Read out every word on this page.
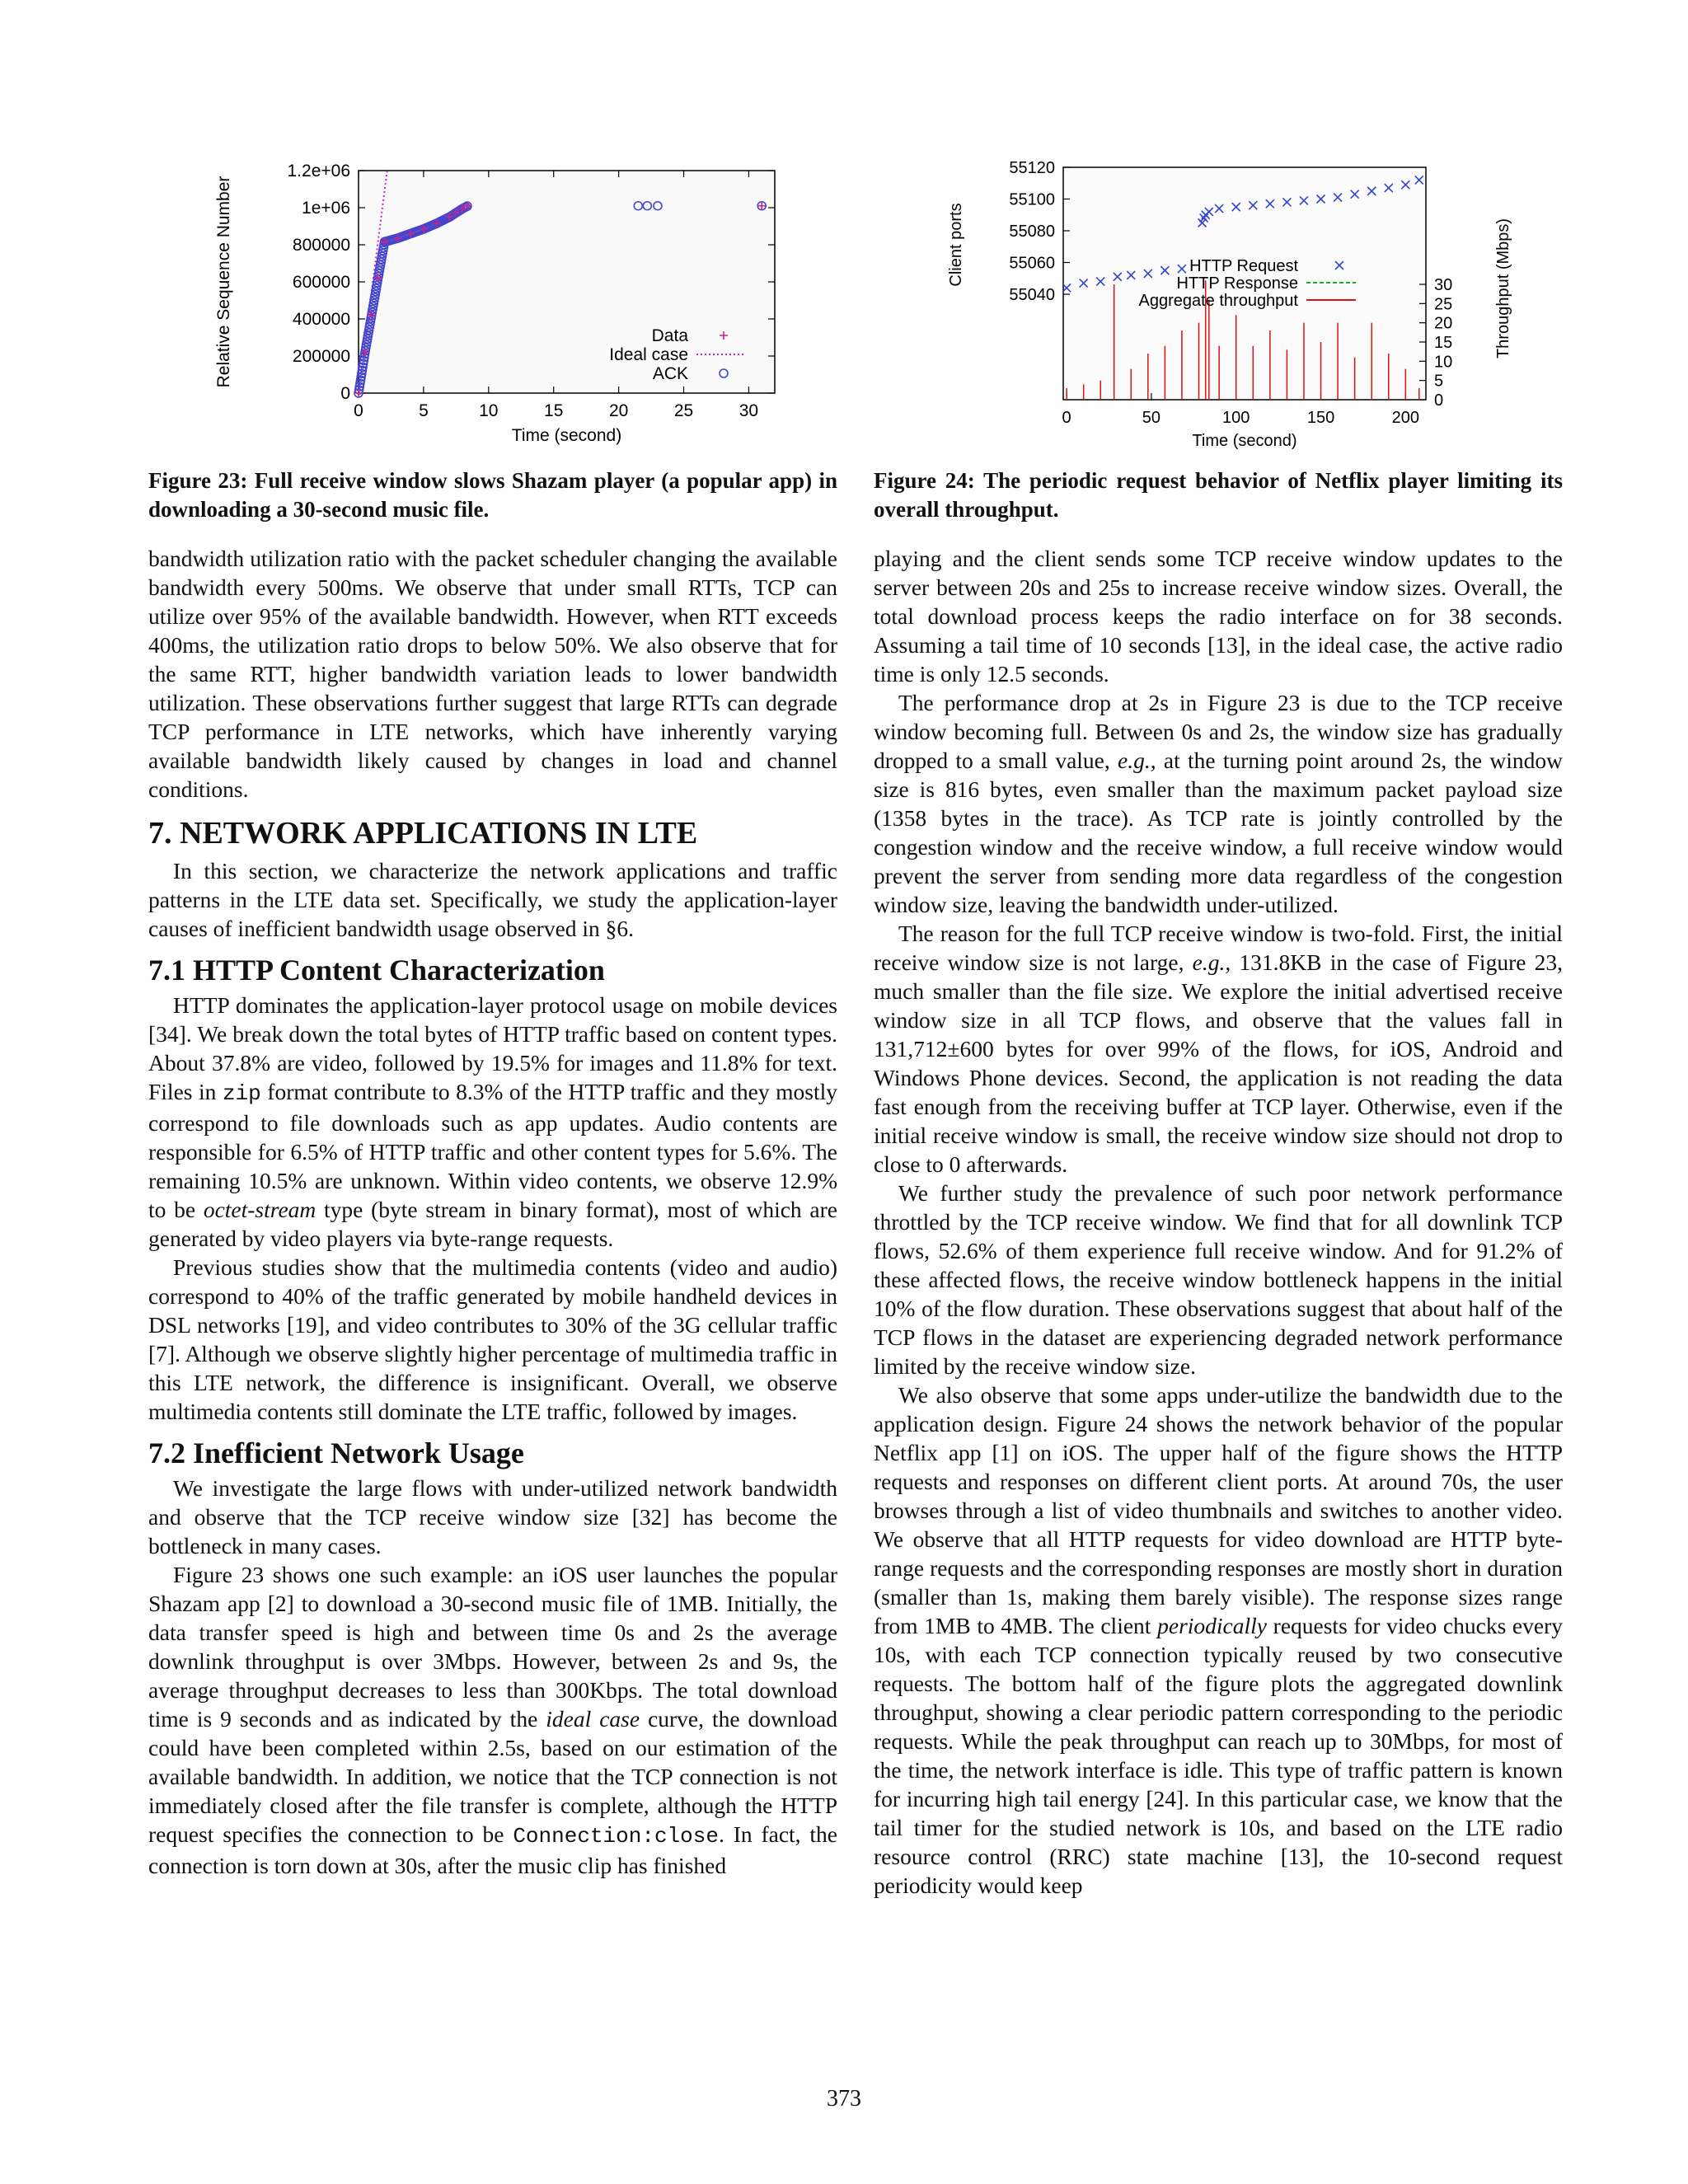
0	5	10	15	20	25	30
0
200000
400000
600000
800000
1e+06
1.2e+06
Time (second)
Relative Sequence Number	Data
Ideal case
ACK
Figure 23: Full receive window slows Shazam player (a popular app) in downloading a 30-second music file.

bandwidth utilization ratio with the packet scheduler changing the available bandwidth every 500ms. We observe that under small RTTs, TCP can utilize over 95% of the available bandwidth. However, when RTT exceeds 400ms, the utilization ratio drops to below 50%. We also observe that for the same RTT, higher bandwidth variation leads to lower bandwidth utilization. These observations further suggest that large RTTs can degrade TCP performance in LTE networks, which have inherently varying available bandwidth likely caused by changes in load and channel conditions.

7. NETWORK APPLICATIONS IN LTE

In this section, we characterize the network applications and traffic patterns in the LTE data set. Specifically, we study the application-layer causes of inefficient bandwidth usage observed in §6.

7.1 HTTP Content Characterization

HTTP dominates the application-layer protocol usage on mobile devices [34]. We break down the total bytes of HTTP traffic based on content types. About 37.8% are video, followed by 19.5% for images and 11.8% for text. Files in zip format contribute to 8.3% of the HTTP traffic and they mostly correspond to file downloads such as app updates. Audio contents are responsible for 6.5% of HTTP traffic and other content types for 5.6%. The remaining 10.5% are unknown. Within video contents, we observe 12.9% to be octet-stream type (byte stream in binary format), most of which are generated by video players via byte-range requests.

Previous studies show that the multimedia contents (video and audio) correspond to 40% of the traffic generated by mobile handheld devices in DSL networks [19], and video contributes to 30% of the 3G cellular traffic [7]. Although we observe slightly higher percentage of multimedia traffic in this LTE network, the difference is insignificant. Overall, we observe multimedia contents still dominate the LTE traffic, followed by images.

7.2 Inefficient Network Usage

We investigate the large flows with under-utilized network bandwidth and observe that the TCP receive window size [32] has become the bottleneck in many cases.

Figure 23 shows one such example: an iOS user launches the popular Shazam app [2] to download a 30-second music file of 1MB. Initially, the data transfer speed is high and between time 0s and 2s the average downlink throughput is over 3Mbps. However, between 2s and 9s, the average throughput decreases to less than 300Kbps. The total download time is 9 seconds and as indicated by the ideal case curve, the download could have been completed within 2.5s, based on our estimation of the available bandwidth. In addition, we notice that the TCP connection is not immediately closed after the file transfer is complete, although the HTTP request specifies the connection to be Connection:close. In fact, the connection is torn down at 30s, after the music clip has finished

55040
55060
55080
55100
55120
0
5
10
15
20
25
30
0	50	100	150	200
Time (second)
Client ports	Throughput (Mbps)
HTTP Request
HTTP Response
Aggregate throughput
Figure 24: The periodic request behavior of Netflix player limiting its overall throughput.

playing and the client sends some TCP receive window updates to the server between 20s and 25s to increase receive window sizes. Overall, the total download process keeps the radio interface on for 38 seconds. Assuming a tail time of 10 seconds [13], in the ideal case, the active radio time is only 12.5 seconds.

The performance drop at 2s in Figure 23 is due to the TCP receive window becoming full. Between 0s and 2s, the window size has gradually dropped to a small value, e.g., at the turning point around 2s, the window size is 816 bytes, even smaller than the maximum packet payload size (1358 bytes in the trace). As TCP rate is jointly controlled by the congestion window and the receive window, a full receive window would prevent the server from sending more data regardless of the congestion window size, leaving the bandwidth under-utilized.

The reason for the full TCP receive window is two-fold. First, the initial receive window size is not large, e.g., 131.8KB in the case of Figure 23, much smaller than the file size. We explore the initial advertised receive window size in all TCP flows, and observe that the values fall in 131,712±600 bytes for over 99% of the flows, for iOS, Android and Windows Phone devices. Second, the application is not reading the data fast enough from the receiving buffer at TCP layer. Otherwise, even if the initial receive window is small, the receive window size should not drop to close to 0 afterwards.

We further study the prevalence of such poor network performance throttled by the TCP receive window. We find that for all downlink TCP flows, 52.6% of them experience full receive window. And for 91.2% of these affected flows, the receive window bottleneck happens in the initial 10% of the flow duration. These observations suggest that about half of the TCP flows in the dataset are experiencing degraded network performance limited by the receive window size.

We also observe that some apps under-utilize the bandwidth due to the application design. Figure 24 shows the network behavior of the popular Netflix app [1] on iOS. The upper half of the figure shows the HTTP requests and responses on different client ports. At around 70s, the user browses through a list of video thumbnails and switches to another video. We observe that all HTTP requests for video download are HTTP byte-range requests and the corresponding responses are mostly short in duration (smaller than 1s, making them barely visible). The response sizes range from 1MB to 4MB. The client periodically requests for video chucks every 10s, with each TCP connection typically reused by two consecutive requests. The bottom half of the figure plots the aggregated downlink throughput, showing a clear periodic pattern corresponding to the periodic requests. While the peak throughput can reach up to 30Mbps, for most of the time, the network interface is idle. This type of traffic pattern is known for incurring high tail energy [24]. In this particular case, we know that the tail timer for the studied network is 10s, and based on the LTE radio resource control (RRC) state machine [13], the 10-second request periodicity would keep

373
